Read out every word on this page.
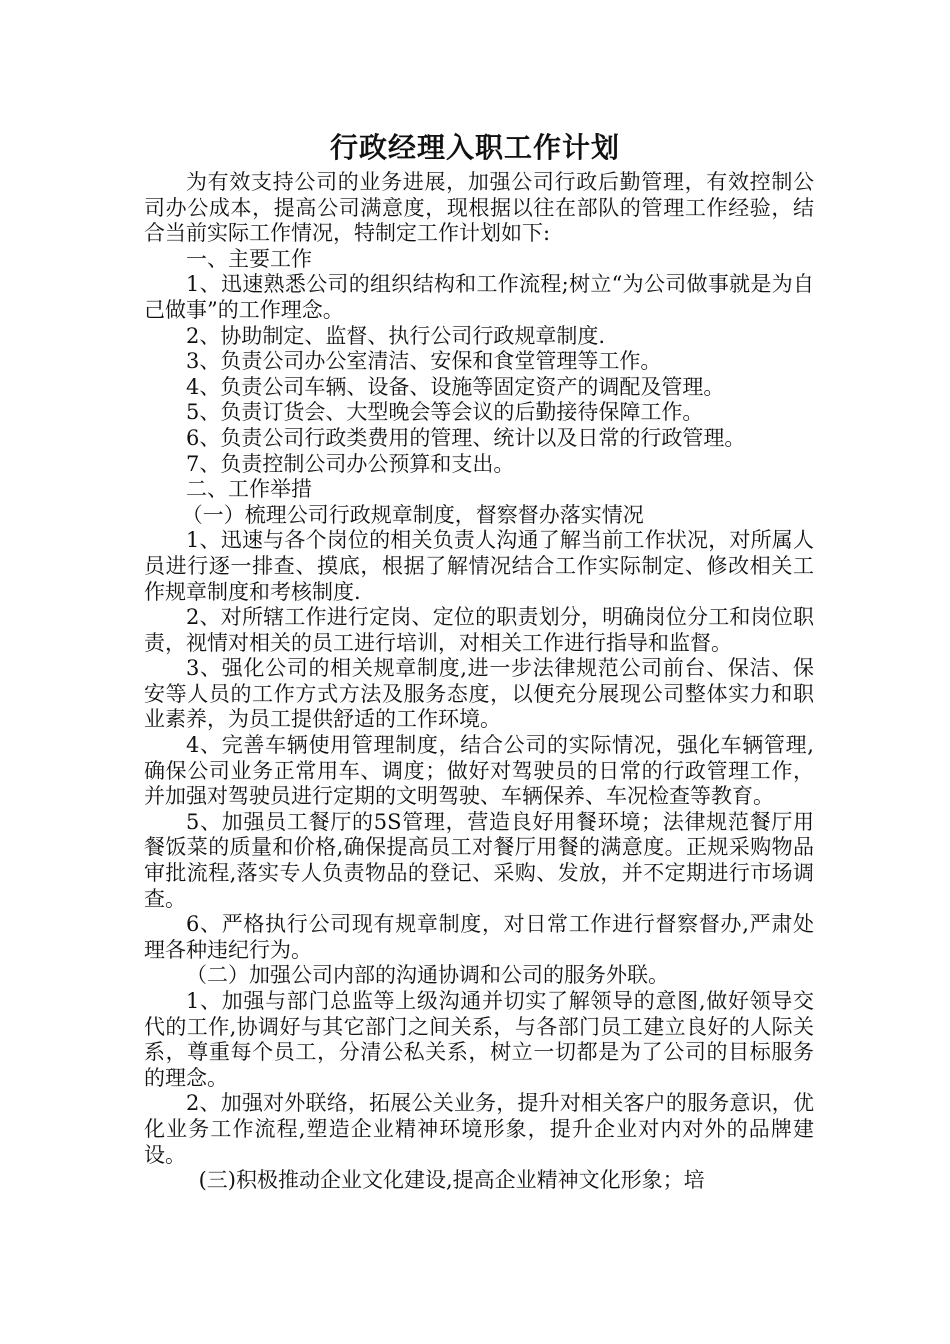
行政经理入职工作计划

为有效支持公司的业务进展，加强公司行政后勤管理，有效控制公司办公成本，提高公司满意度，现根据以往在部队的管理工作经验，结合当前实际工作情况，特制定工作计划如下:

一、主要工作

1、迅速熟悉公司的组织结构和工作流程;树立“为公司做事就是为自己做事”的工作理念。

2、协助制定、监督、执行公司行政规章制度.

3、负责公司办公室清洁、安保和食堂管理等工作。

4、负责公司车辆、设备、设施等固定资产的调配及管理。

5、负责订货会、大型晚会等会议的后勤接待保障工作。

6、负责公司行政类费用的管理、统计以及日常的行政管理。

7、负责控制公司办公预算和支出。

二、工作举措

（一）梳理公司行政规章制度，督察督办落实情况

1、迅速与各个岗位的相关负责人沟通了解当前工作状况，对所属人员进行逐一排查、摸底，根据了解情况结合工作实际制定、修改相关工作规章制度和考核制度.

2、对所辖工作进行定岗、定位的职责划分，明确岗位分工和岗位职责，视情对相关的员工进行培训，对相关工作进行指导和监督。

3、强化公司的相关规章制度,进一步法律规范公司前台、保洁、保安等人员的工作方式方法及服务态度，以便充分展现公司整体实力和职业素养，为员工提供舒适的工作环境。

4、完善车辆使用管理制度，结合公司的实际情况，强化车辆管理,确保公司业务正常用车、调度；做好对驾驶员的日常的行政管理工作，并加强对驾驶员进行定期的文明驾驶、车辆保养、车况检查等教育。

5、加强员工餐厅的5S管理，营造良好用餐环境；法律规范餐厅用餐饭菜的质量和价格,确保提高员工对餐厅用餐的满意度。正规采购物品审批流程,落实专人负责物品的登记、采购、发放，并不定期进行市场调查。

6、严格执行公司现有规章制度，对日常工作进行督察督办,严肃处理各种违纪行为。

（二）加强公司内部的沟通协调和公司的服务外联。

1、加强与部门总监等上级沟通并切实了解领导的意图,做好领导交代的工作,协调好与其它部门之间关系，与各部门员工建立良好的人际关系，尊重每个员工，分清公私关系，树立一切都是为了公司的目标服务的理念。

2、加强对外联络，拓展公关业务，提升对相关客户的服务意识，优化业务工作流程,塑造企业精神环境形象，提升企业对内对外的品牌建设。

(三)积极推动企业文化建设,提高企业精神文化形象；培
